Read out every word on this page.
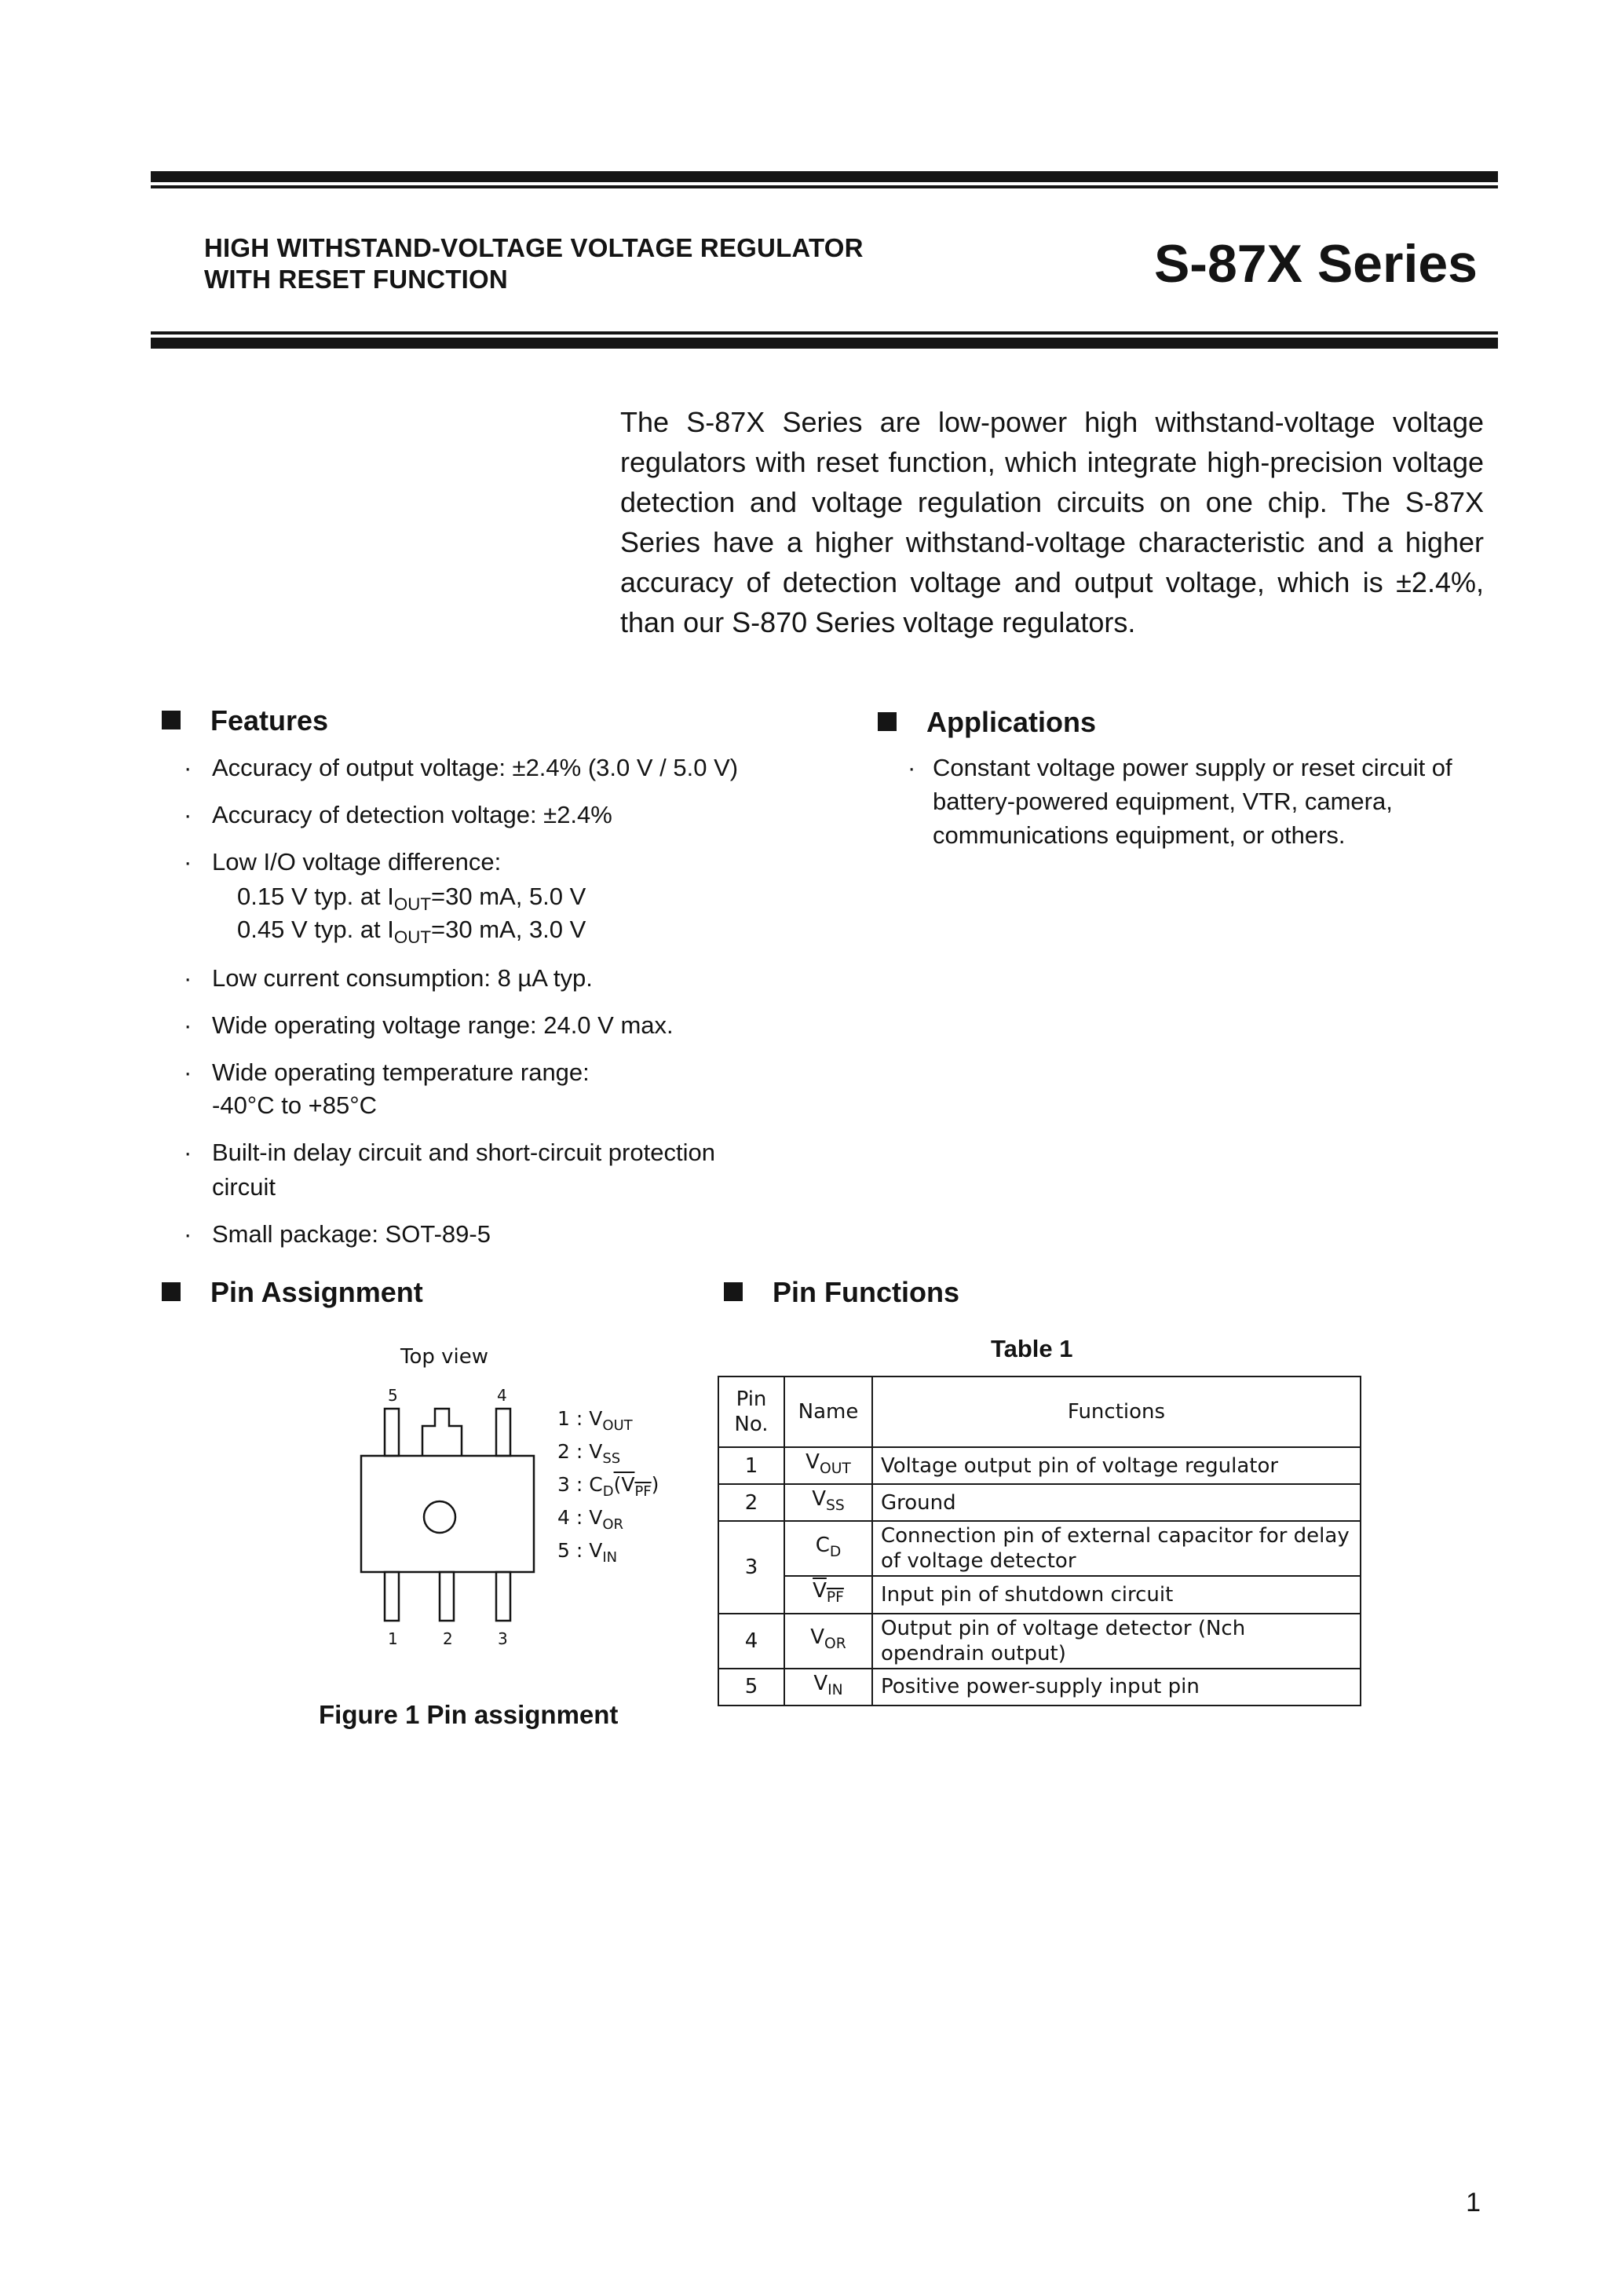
HIGH WITHSTAND-VOLTAGE VOLTAGE REGULATOR
WITH RESET FUNCTION	S-87X Series
The S-87X Series are low-power high withstand-voltage voltage regulators with reset function, which integrate high-precision voltage detection and voltage regulation circuits on one chip. The S-87X Series have a higher withstand-voltage characteristic and a higher accuracy of detection voltage and output voltage, which is ±2.4%, than our S-870 Series voltage regulators.
Features
· Accuracy of output voltage: ±2.4% (3.0 V / 5.0 V)
· Accuracy of detection voltage: ±2.4%
· Low I/O voltage difference:
0.15 V typ. at $I_{OUT}=30$ mA, 5.0 V
0.45 V typ. at $I_{OUT}=30$ mA, 3.0 V
· Low current consumption: 8 µA typ.
· Wide operating voltage range: 24.0 V max.
· Wide operating temperature range:
-40°C to +85°C
· Built-in delay circuit and short-circuit protection
circuit
· Small package: SOT-89-5
Applications
· Constant voltage power supply or reset circuit of battery-powered equipment, VTR, camera, communications equipment, or others.
Pin Assignment	Pin Functions
Top view
5	4
1	2	3
1 : $V_{OUT}$
2 : $V_{SS}$
3 : $C_D(V_{PF})$
4 : $V_{OR}$
5 : $V_{IN}$
Figure 1 Pin assignment
Table 1
Pin
No.	Name	Functions
1	$V_{OUT}$	Voltage output pin of voltage regulator
2	$V_{SS}$	Ground
3	$C_D$	Connection pin of external capacitor for delay of voltage detector
	$V_{PF}$	Input pin of shutdown circuit
4	$V_{OR}$	Output pin of voltage detector (Nch opendrain output)
5	$V_{IN}$	Positive power-supply input pin
1
